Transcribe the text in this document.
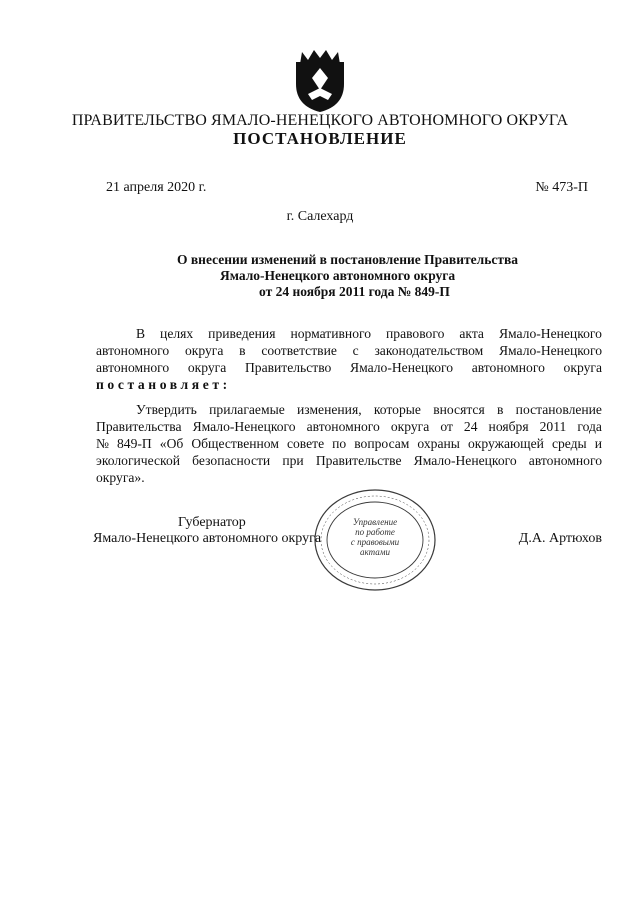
ПРАВИТЕЛЬСТВО ЯМАЛО-НЕНЕЦКОГО АВТОНОМНОГО ОКРУГА
ПОСТАНОВЛЕНИЕ
21 апреля 2020 г.	№ 473-П
г. Салехард
О внесении изменений в постановление Правительства
Ямало-Ненецкого автономного округа
от 24 ноября 2011 года № 849-П
В целях приведения нормативного правового акта Ямало-Ненецкого
автономного округа в соответствие с законодательством Ямало-Ненецкого
автономного округа Правительство Ямало-Ненецкого автономного округа
постановляет:
Утвердить прилагаемые изменения, которые вносятся в постановление
Правительства Ямало-Ненецкого автономного округа от 24 ноября 2011 года
№ 849-П «Об Общественном совете по вопросам охраны окружающей среды и
экологической безопасности при Правительстве Ямало-Ненецкого автономного
округа».
Управление
по работе
с правовыми
актами
Губернатор
Ямало-Ненецкого автономного округа	Д.А. Артюхов
